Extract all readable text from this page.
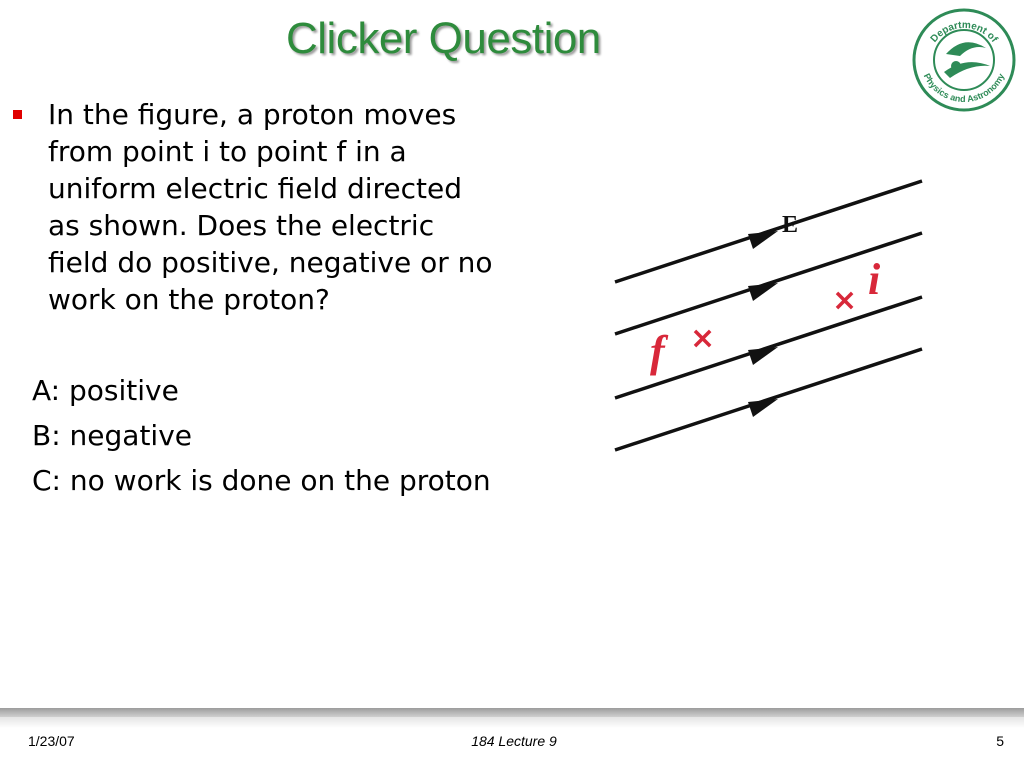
Clicker Question	Department of
Physics and Astronomy
In the figure, a proton moves
from point i to point f in a
uniform electric field directed
as shown. Does the electric
field do positive, negative or no
work on the proton?
A: positive
B: negative
C: no work is done on the proton
E
f ×
× i
1/23/07	184 Lecture 9	5
